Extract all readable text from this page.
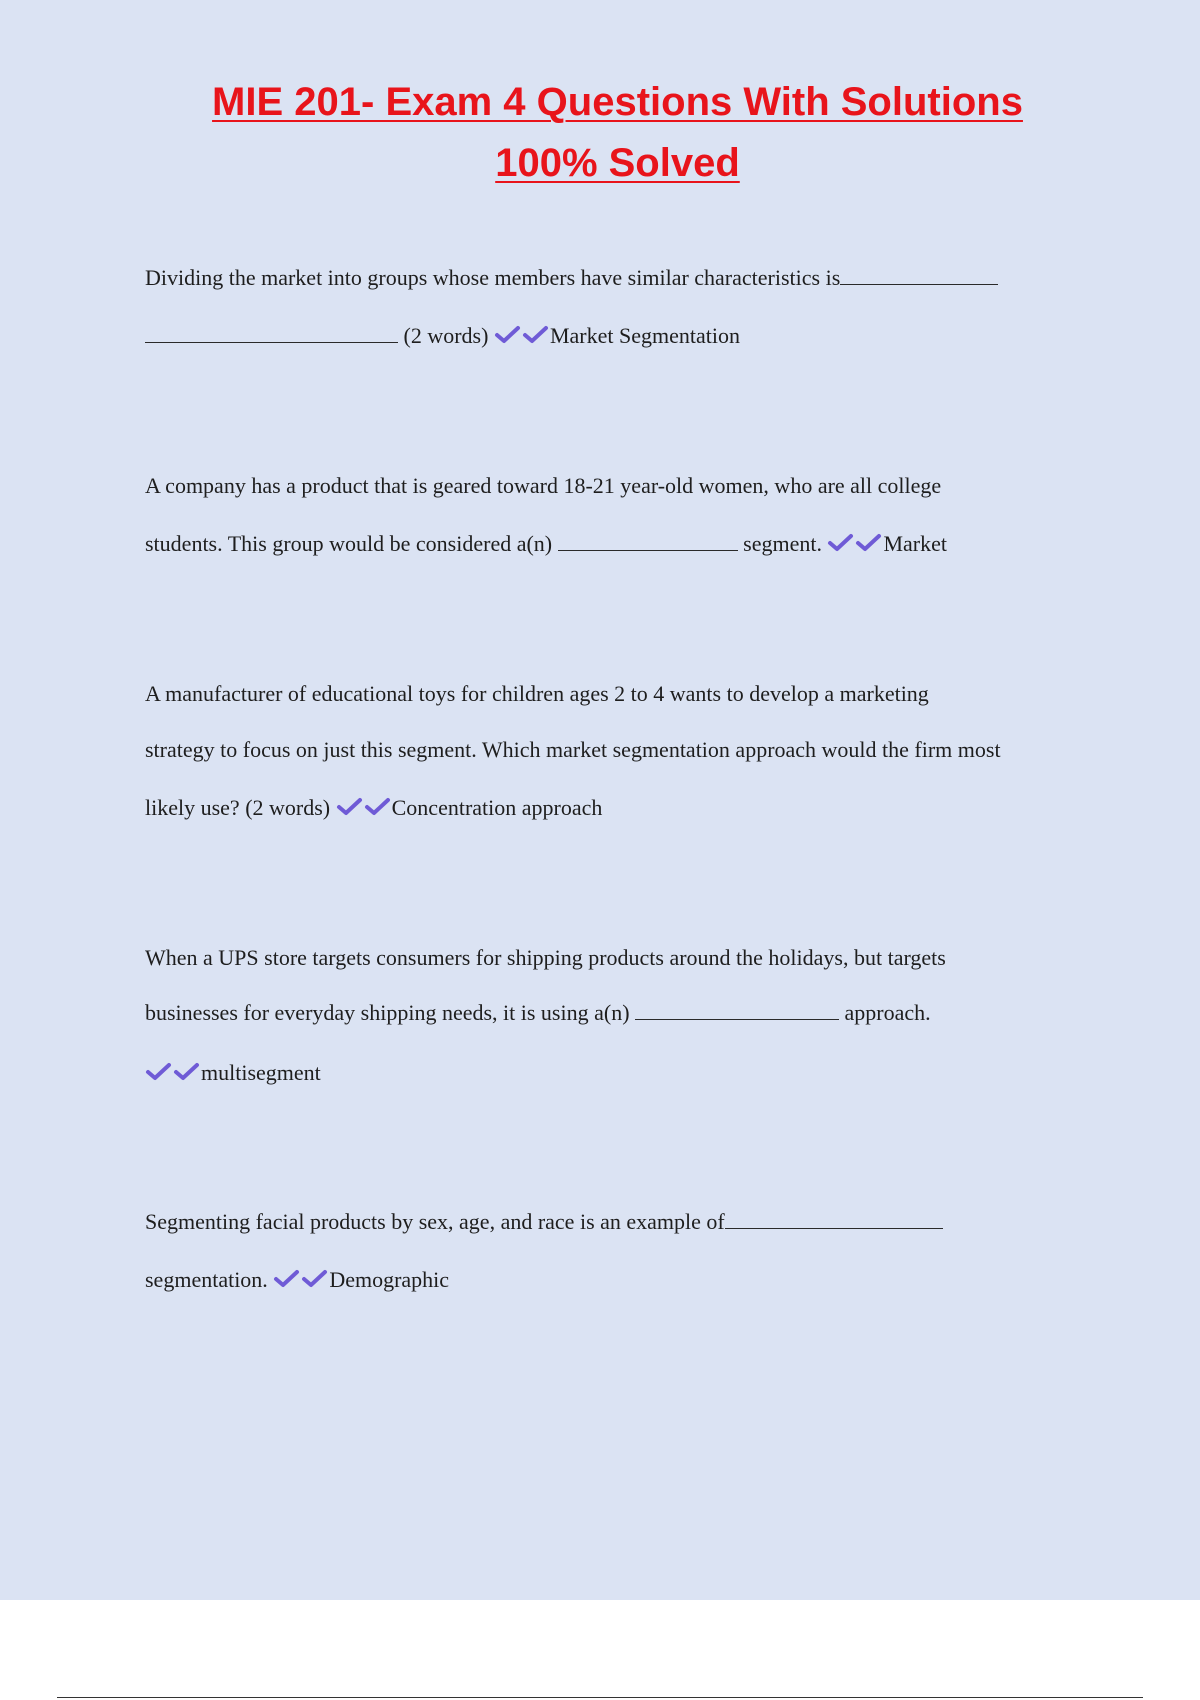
MIE 201- Exam 4 Questions With Solutions
100% Solved
Dividing the market into groups whose members have similar characteristics is
(2 words)	Market Segmentation
A company has a product that is geared toward 18-21 year-old women, who are all college
students. This group would be considered a(n)	segment.	Market
A manufacturer of educational toys for children ages 2 to 4 wants to develop a marketing
strategy to focus on just this segment. Which market segmentation approach would the firm most
likely use? (2 words)	Concentration approach
When a UPS store targets consumers for shipping products around the holidays, but targets
businesses for everyday shipping needs, it is using a(n)	approach.
multisegment
Segmenting facial products by sex, age, and race is an example of
segmentation.	Demographic
